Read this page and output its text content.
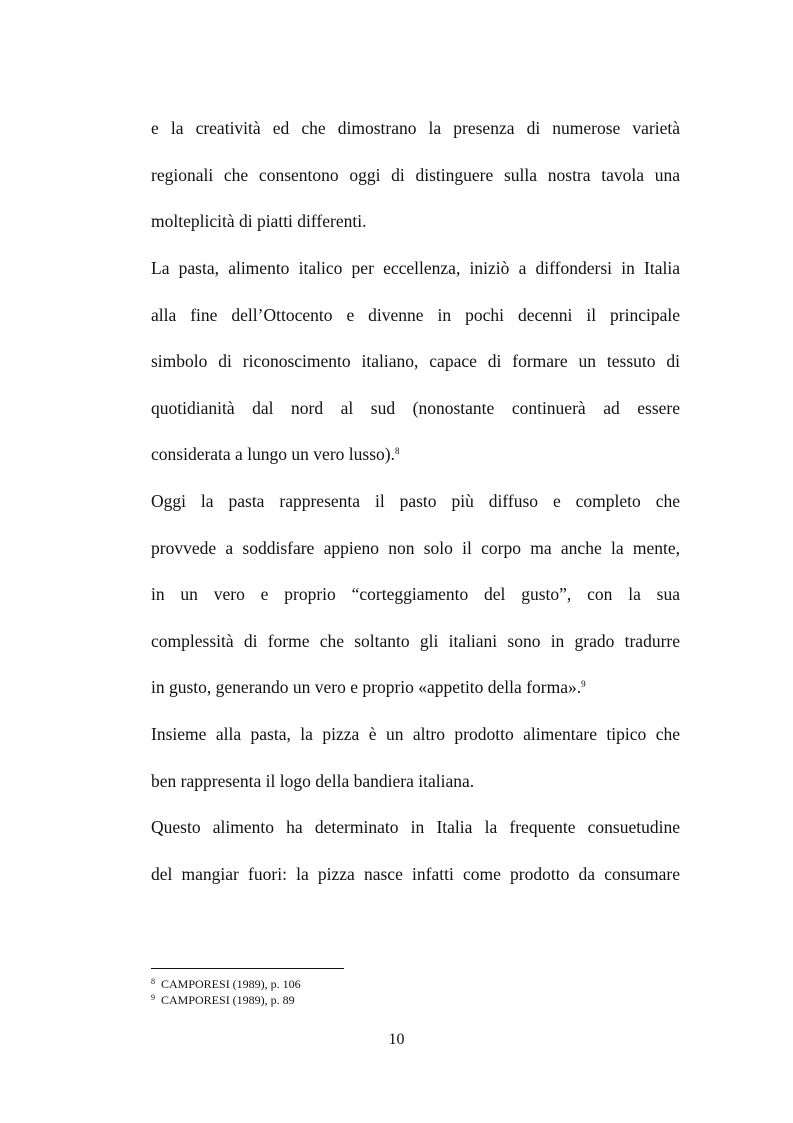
e la creatività ed che dimostrano la presenza di numerose varietà
regionali che consentono oggi di distinguere sulla nostra tavola una
molteplicità di piatti differenti.
La pasta, alimento italico per eccellenza, iniziò a diffondersi in Italia
alla fine dell’Ottocento e divenne in pochi decenni il principale
simbolo di riconoscimento italiano, capace di formare un tessuto di
quotidianità dal nord al sud (nonostante continuerà ad essere
considerata a lungo un vero lusso).$^8$
Oggi la pasta rappresenta il pasto più diffuso e completo che
provvede a soddisfare appieno non solo il corpo ma anche la mente,
in un vero e proprio “corteggiamento del gusto”, con la sua
complessità di forme che soltanto gli italiani sono in grado tradurre
in gusto, generando un vero e proprio «appetito della forma».$^9$
Insieme alla pasta, la pizza è un altro prodotto alimentare tipico che
ben rappresenta il logo della bandiera italiana.
Questo alimento ha determinato in Italia la frequente consuetudine
del mangiar fuori: la pizza nasce infatti come prodotto da consumare
$^8$ CAMPORESI (1989), p. 106
$^9$ CAMPORESI (1989), p. 89
10
